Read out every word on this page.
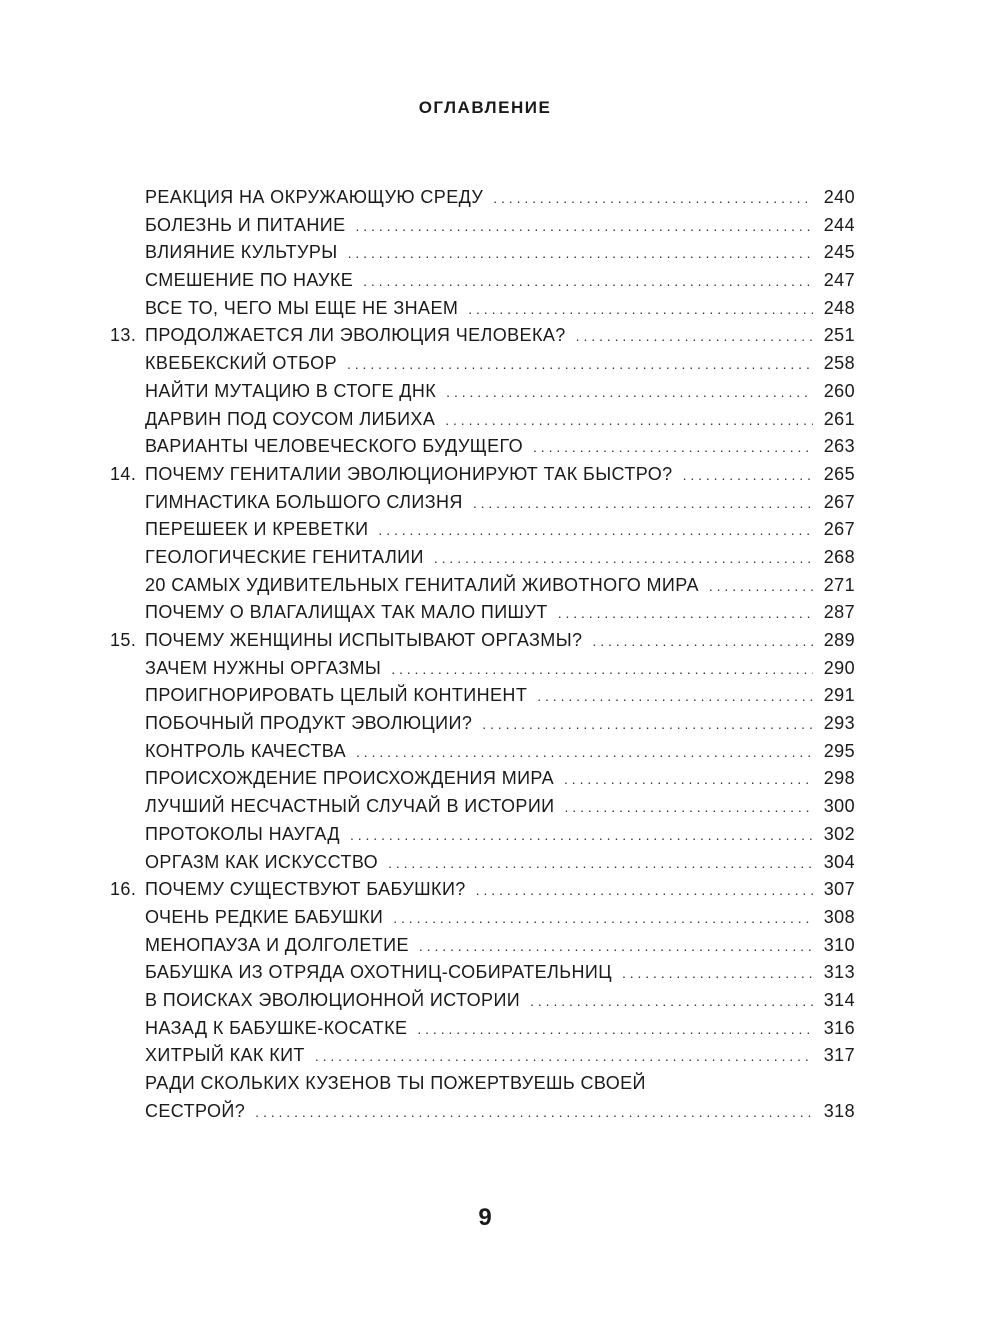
ОГЛАВЛЕНИЕ
РЕАКЦИЯ НА ОКРУЖАЮЩУЮ СРЕДУ . . .	240
БОЛЕЗНЬ И ПИТАНИЕ . . .	244
ВЛИЯНИЕ КУЛЬТУРЫ . . .	245
СМЕШЕНИЕ ПО НАУКЕ . . .	247
ВСЕ ТО, ЧЕГО МЫ ЕЩЕ НЕ ЗНАЕМ . . .	248
13. ПРОДОЛЖАЕТСЯ ЛИ ЭВОЛЮЦИЯ ЧЕЛОВЕКА? . . .	251
КВЕБЕКСКИЙ ОТБОР . . .	258
НАЙТИ МУТАЦИЮ В СТОГЕ ДНК . . .	260
ДАРВИН ПОД СОУСОМ ЛИБИХА . . .	261
ВАРИАНТЫ ЧЕЛОВЕЧЕСКОГО БУДУЩЕГО . . .	263
14. ПОЧЕМУ ГЕНИТАЛИИ ЭВОЛЮЦИОНИРУЮТ ТАК БЫСТРО? . . .	265
ГИМНАСТИКА БОЛЬШОГО СЛИЗНЯ . . .	267
ПЕРЕШЕЕК И КРЕВЕТКИ . . .	267
ГЕОЛОГИЧЕСКИЕ ГЕНИТАЛИИ . . .	268
20 САМЫХ УДИВИТЕЛЬНЫХ ГЕНИТАЛИЙ ЖИВОТНОГО МИРА . . .	271
ПОЧЕМУ О ВЛАГАЛИЩАХ ТАК МАЛО ПИШУТ . . .	287
15. ПОЧЕМУ ЖЕНЩИНЫ ИСПЫТЫВАЮТ ОРГАЗМЫ? . . .	289
ЗАЧЕМ НУЖНЫ ОРГАЗМЫ . . .	290
ПРОИГНОРИРОВАТЬ ЦЕЛЫЙ КОНТИНЕНТ . . .	291
ПОБОЧНЫЙ ПРОДУКТ ЭВОЛЮЦИИ? . . .	293
КОНТРОЛЬ КАЧЕСТВА . . .	295
ПРОИСХОЖДЕНИЕ ПРОИСХОЖДЕНИЯ МИРА . . .	298
ЛУЧШИЙ НЕСЧАСТНЫЙ СЛУЧАЙ В ИСТОРИИ . . .	300
ПРОТОКОЛЫ НАУГАД . . .	302
ОРГАЗМ КАК ИСКУССТВО . . .	304
16. ПОЧЕМУ СУЩЕСТВУЮТ БАБУШКИ? . . .	307
ОЧЕНЬ РЕДКИЕ БАБУШКИ . . .	308
МЕНОПАУЗА И ДОЛГОЛЕТИЕ . . .	310
БАБУШКА ИЗ ОТРЯДА ОХОТНИЦ-СОБИРАТЕЛЬНИЦ . . .	313
В ПОИСКАХ ЭВОЛЮЦИОННОЙ ИСТОРИИ . . .	314
НАЗАД К БАБУШКЕ-КОСАТКЕ . . .	316
ХИТРЫЙ КАК КИТ . . .	317
РАДИ СКОЛЬКИХ КУЗЕНОВ ТЫ ПОЖЕРТВУЕШЬ СВОЕЙ
СЕСТРОЙ? . . .	318
9
